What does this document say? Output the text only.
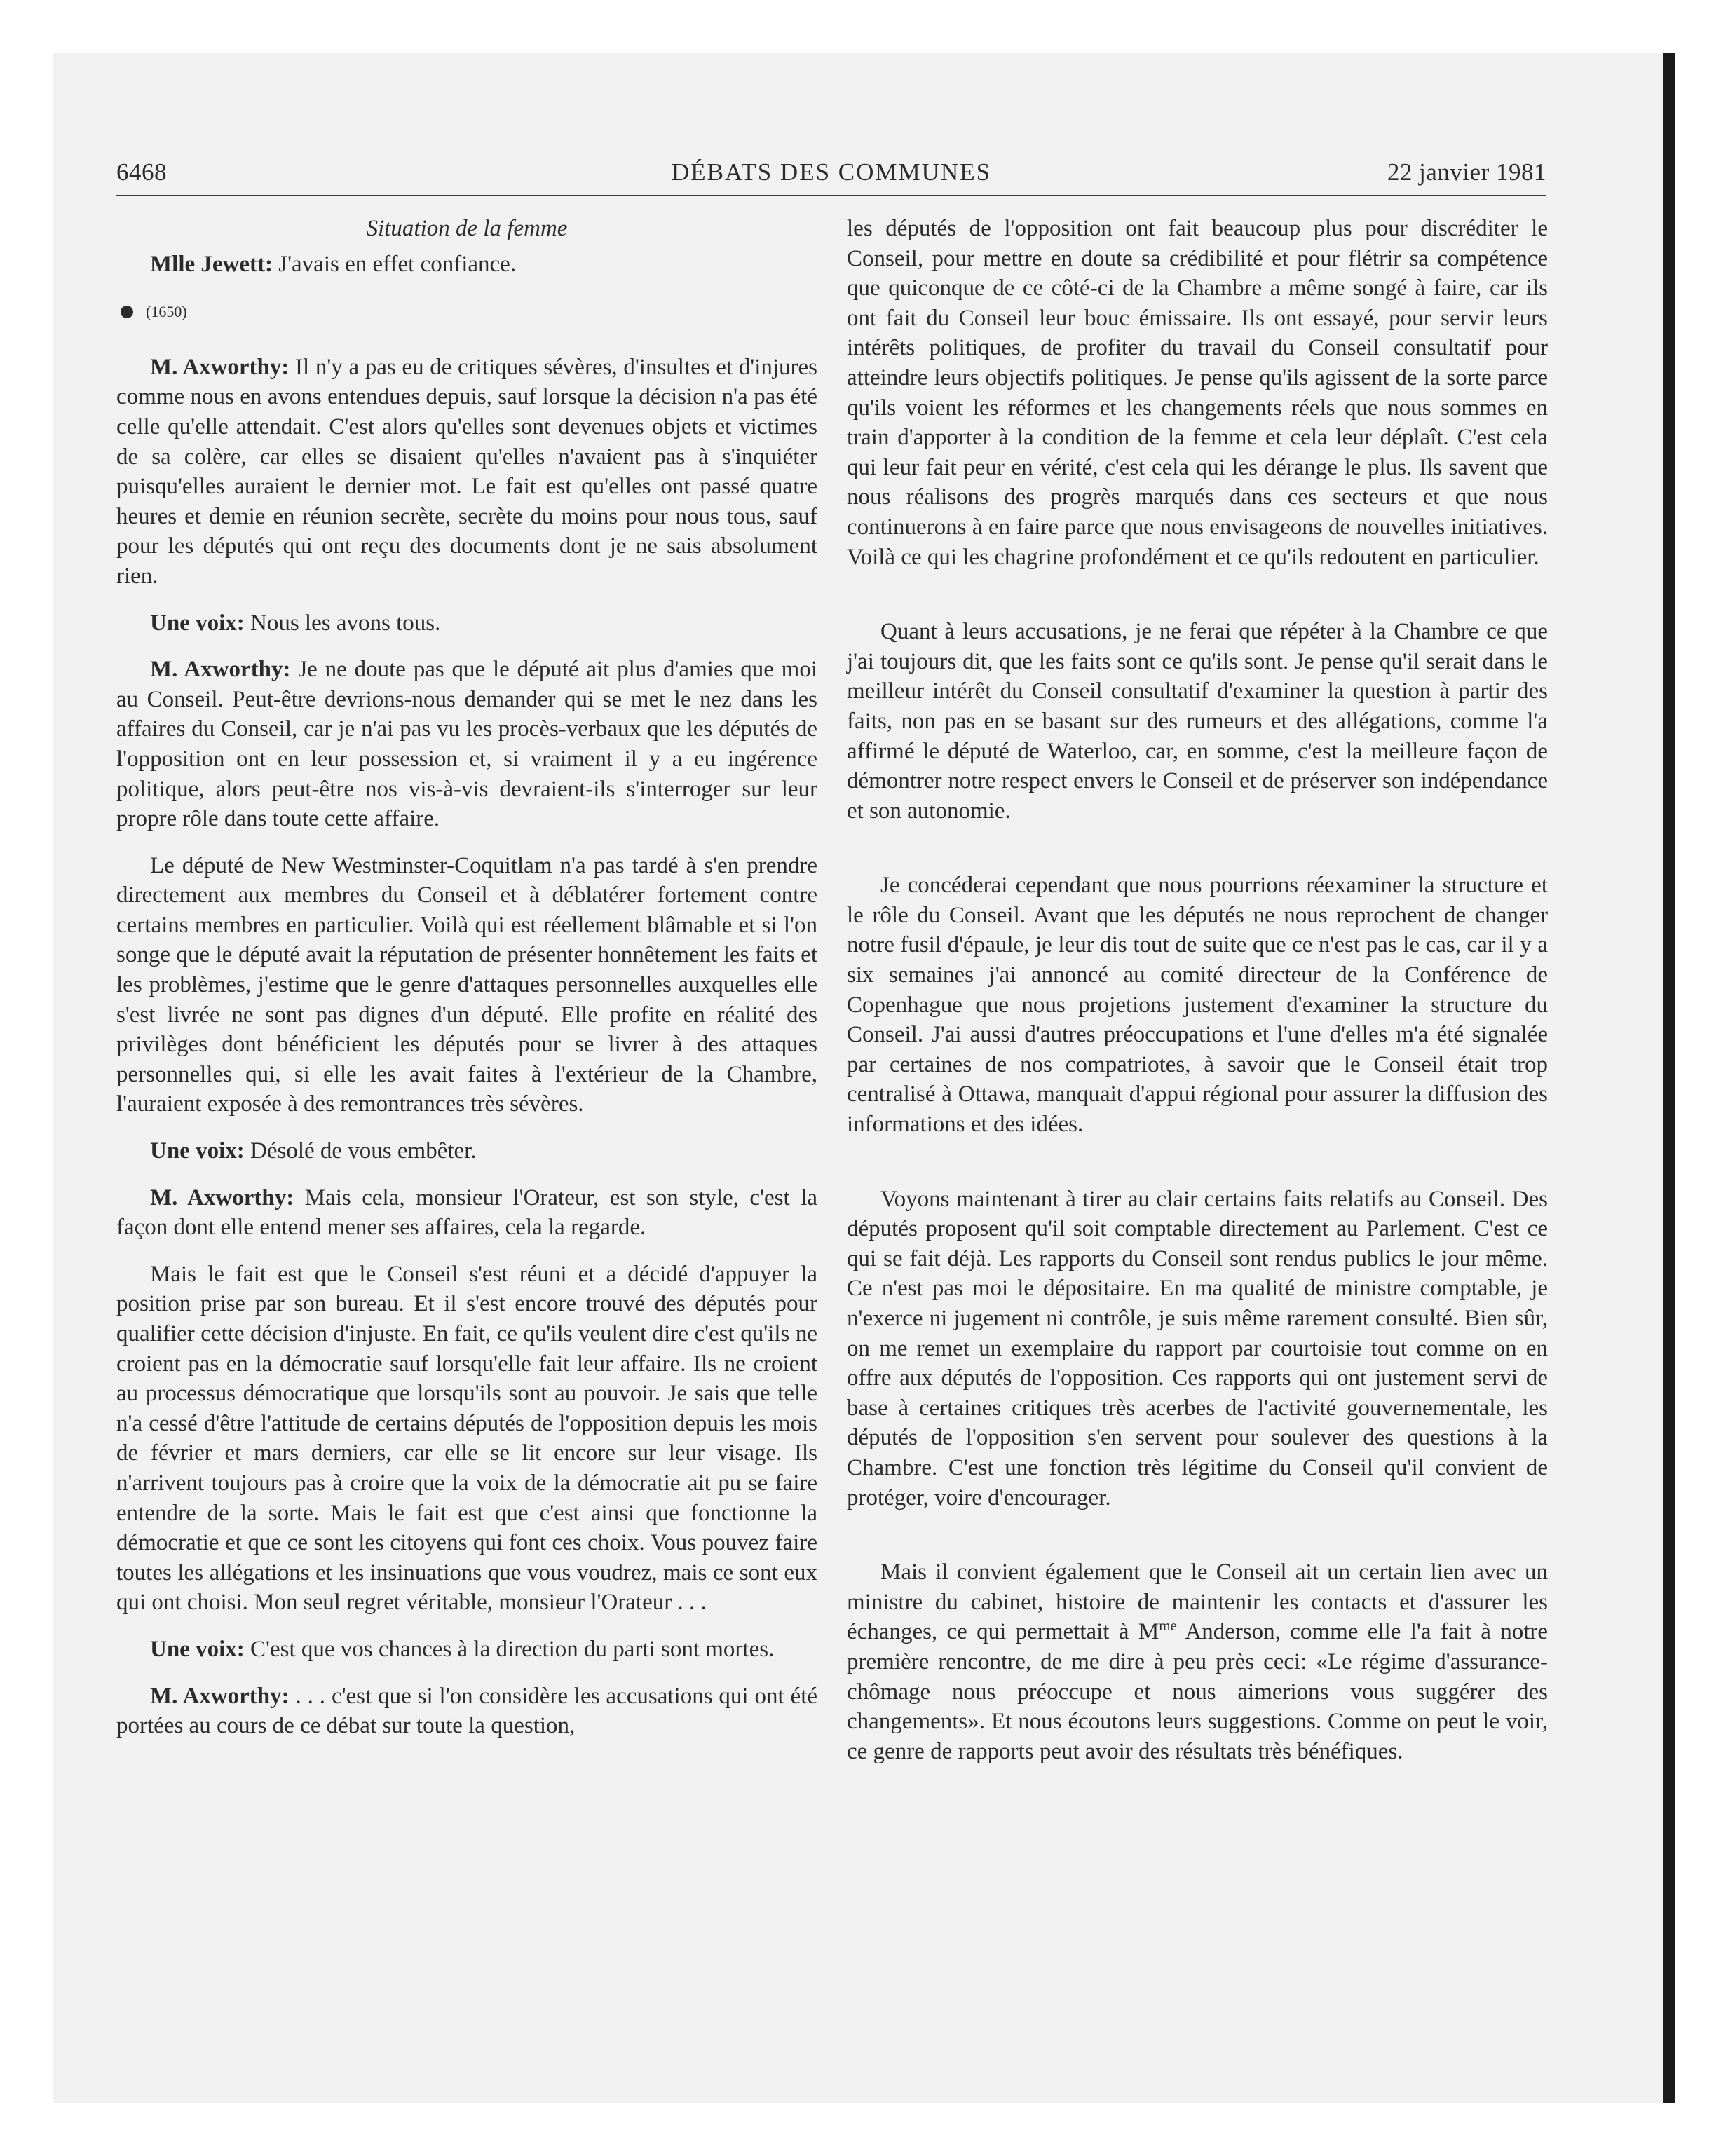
6468	DÉBATS DES COMMUNES	22 janvier 1981

Situation de la femme

Mlle Jewett: J'avais en effet confiance.

(1650)

M. Axworthy: Il n'y a pas eu de critiques sévères, d'insultes et d'injures comme nous en avons entendues depuis, sauf lorsque la décision n'a pas été celle qu'elle attendait. C'est alors qu'elles sont devenues objets et victimes de sa colère, car elles se disaient qu'elles n'avaient pas à s'inquiéter puisqu'elles auraient le dernier mot. Le fait est qu'elles ont passé quatre heures et demie en réunion secrète, secrète du moins pour nous tous, sauf pour les députés qui ont reçu des documents dont je ne sais absolument rien.

Une voix: Nous les avons tous.

M. Axworthy: Je ne doute pas que le député ait plus d'amies que moi au Conseil. Peut-être devrions-nous demander qui se met le nez dans les affaires du Conseil, car je n'ai pas vu les procès-verbaux que les députés de l'opposition ont en leur possession et, si vraiment il y a eu ingérence politique, alors peut-être nos vis-à-vis devraient-ils s'interroger sur leur propre rôle dans toute cette affaire.

Le député de New Westminster-Coquitlam n'a pas tardé à s'en prendre directement aux membres du Conseil et à déblatérer fortement contre certains membres en particulier. Voilà qui est réellement blâmable et si l'on songe que le député avait la réputation de présenter honnêtement les faits et les problèmes, j'estime que le genre d'attaques personnelles auxquelles elle s'est livrée ne sont pas dignes d'un député. Elle profite en réalité des privilèges dont bénéficient les députés pour se livrer à des attaques personnelles qui, si elle les avait faites à l'extérieur de la Chambre, l'auraient exposée à des remontrances très sévères.

Une voix: Désolé de vous embêter.

M. Axworthy: Mais cela, monsieur l'Orateur, est son style, c'est la façon dont elle entend mener ses affaires, cela la regarde.

Mais le fait est que le Conseil s'est réuni et a décidé d'appuyer la position prise par son bureau. Et il s'est encore trouvé des députés pour qualifier cette décision d'injuste. En fait, ce qu'ils veulent dire c'est qu'ils ne croient pas en la démocratie sauf lorsqu'elle fait leur affaire. Ils ne croient au processus démocratique que lorsqu'ils sont au pouvoir. Je sais que telle n'a cessé d'être l'attitude de certains députés de l'opposition depuis les mois de février et mars derniers, car elle se lit encore sur leur visage. Ils n'arrivent toujours pas à croire que la voix de la démocratie ait pu se faire entendre de la sorte. Mais le fait est que c'est ainsi que fonctionne la démocratie et que ce sont les citoyens qui font ces choix. Vous pouvez faire toutes les allégations et les insinuations que vous voudrez, mais ce sont eux qui ont choisi. Mon seul regret véritable, monsieur l'Orateur . . .

Une voix: C'est que vos chances à la direction du parti sont mortes.

M. Axworthy: . . . c'est que si l'on considère les accusations qui ont été portées au cours de ce débat sur toute la question,

les députés de l'opposition ont fait beaucoup plus pour discréditer le Conseil, pour mettre en doute sa crédibilité et pour flétrir sa compétence que quiconque de ce côté-ci de la Chambre a même songé à faire, car ils ont fait du Conseil leur bouc émissaire. Ils ont essayé, pour servir leurs intérêts politiques, de profiter du travail du Conseil consultatif pour atteindre leurs objectifs politiques. Je pense qu'ils agissent de la sorte parce qu'ils voient les réformes et les changements réels que nous sommes en train d'apporter à la condition de la femme et cela leur déplaît. C'est cela qui leur fait peur en vérité, c'est cela qui les dérange le plus. Ils savent que nous réalisons des progrès marqués dans ces secteurs et que nous continuerons à en faire parce que nous envisageons de nouvelles initiatives. Voilà ce qui les chagrine profondément et ce qu'ils redoutent en particulier.

Quant à leurs accusations, je ne ferai que répéter à la Chambre ce que j'ai toujours dit, que les faits sont ce qu'ils sont. Je pense qu'il serait dans le meilleur intérêt du Conseil consultatif d'examiner la question à partir des faits, non pas en se basant sur des rumeurs et des allégations, comme l'a affirmé le député de Waterloo, car, en somme, c'est la meilleure façon de démontrer notre respect envers le Conseil et de préserver son indépendance et son autonomie.

Je concéderai cependant que nous pourrions réexaminer la structure et le rôle du Conseil. Avant que les députés ne nous reprochent de changer notre fusil d'épaule, je leur dis tout de suite que ce n'est pas le cas, car il y a six semaines j'ai annoncé au comité directeur de la Conférence de Copenhague que nous projetions justement d'examiner la structure du Conseil. J'ai aussi d'autres préoccupations et l'une d'elles m'a été signalée par certaines de nos compatriotes, à savoir que le Conseil était trop centralisé à Ottawa, manquait d'appui régional pour assurer la diffusion des informations et des idées.

Voyons maintenant à tirer au clair certains faits relatifs au Conseil. Des députés proposent qu'il soit comptable directement au Parlement. C'est ce qui se fait déjà. Les rapports du Conseil sont rendus publics le jour même. Ce n'est pas moi le dépositaire. En ma qualité de ministre comptable, je n'exerce ni jugement ni contrôle, je suis même rarement consulté. Bien sûr, on me remet un exemplaire du rapport par courtoisie tout comme on en offre aux députés de l'opposition. Ces rapports qui ont justement servi de base à certaines critiques très acerbes de l'activité gouvernementale, les députés de l'opposition s'en servent pour soulever des questions à la Chambre. C'est une fonction très légitime du Conseil qu'il convient de protéger, voire d'encourager.

Mais il convient également que le Conseil ait un certain lien avec un ministre du cabinet, histoire de maintenir les contacts et d'assurer les échanges, ce qui permettait à $M^{me}$ Anderson, comme elle l'a fait à notre première rencontre, de me dire à peu près ceci: «Le régime d'assurance-chômage nous préoccupe et nous aimerions vous suggérer des changements». Et nous écoutons leurs suggestions. Comme on peut le voir, ce genre de rapports peut avoir des résultats très bénéfiques.
